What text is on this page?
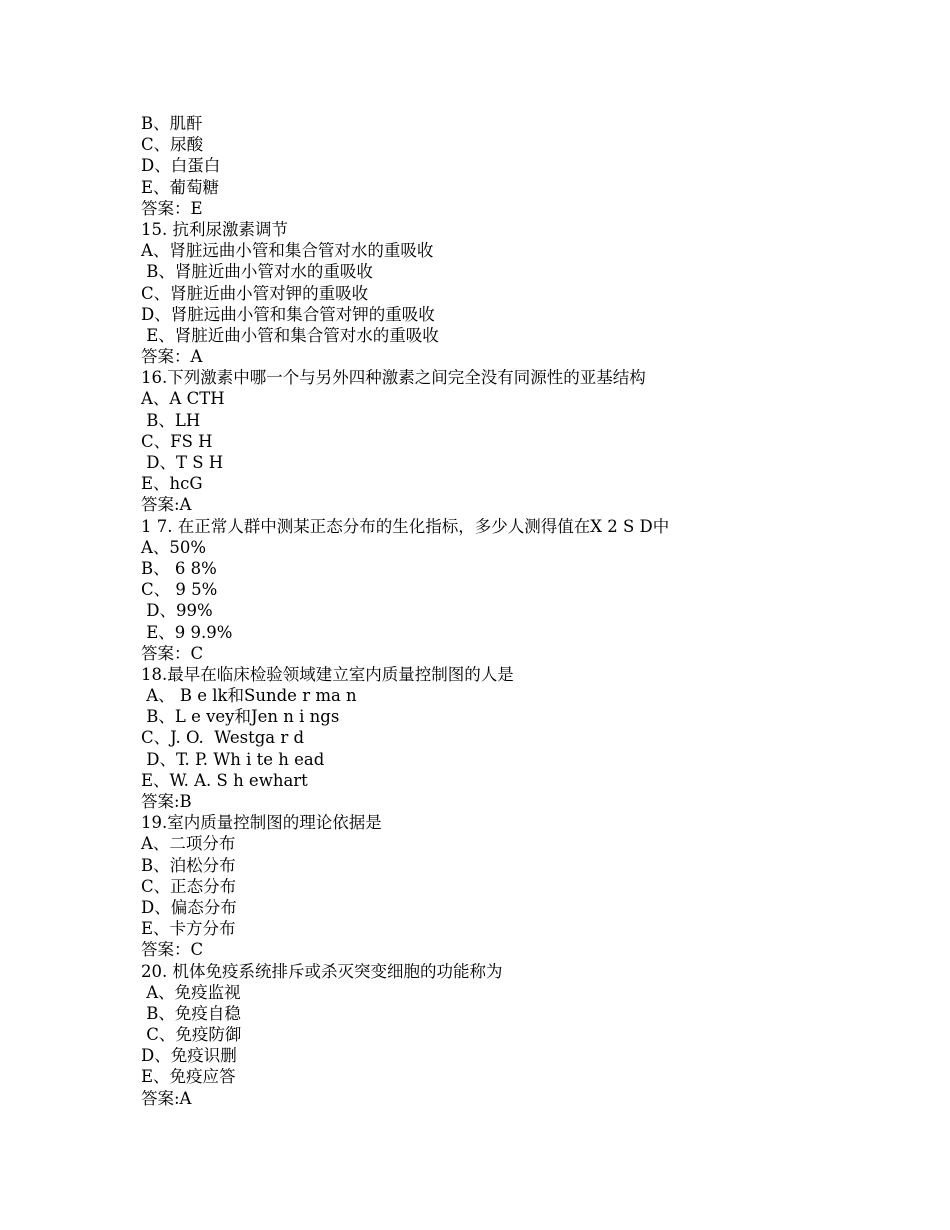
B、肌酐
C、尿酸
D、白蛋白
E、葡萄糖
答案：E
15. 抗利尿激素调节
A、肾脏远曲小管和集合管对水的重吸收
B、肾脏近曲小管对水的重吸收
C、肾脏近曲小管对钾的重吸收
D、肾脏远曲小管和集合管对钾的重吸收
E、肾脏近曲小管和集合管对水的重吸收
答案：A
16.下列激素中哪一个与另外四种激素之间完全没有同源性的亚基结构
A、A CTH
B、LH
C、FS H
D、T S H
E、hcG
答案:A
1 7. 在正常人群中测某正态分布的生化指标，多少人测得值在X 2 S D中
A、50%
B、 6 8%
C、 9 5%
D、99%
E、9 9.9%
答案：C
18.最早在临床检验领域建立室内质量控制图的人是
A、 B e lk和Sunde r ma n
B、L e vey和Jen n i ngs
C、J. O.  Westga r d
D、T. P. Wh i te h ead
E、W. A. S h ewhart
答案:B
19.室内质量控制图的理论依据是
A、二项分布
B、泊松分布
C、正态分布
D、偏态分布
E、卡方分布
答案：C
20. 机体免疫系统排斥或杀灭突变细胞的功能称为
A、免疫监视
B、免疫自稳
C、免疫防御
D、免疫识删
E、免疫应答
答案:A
